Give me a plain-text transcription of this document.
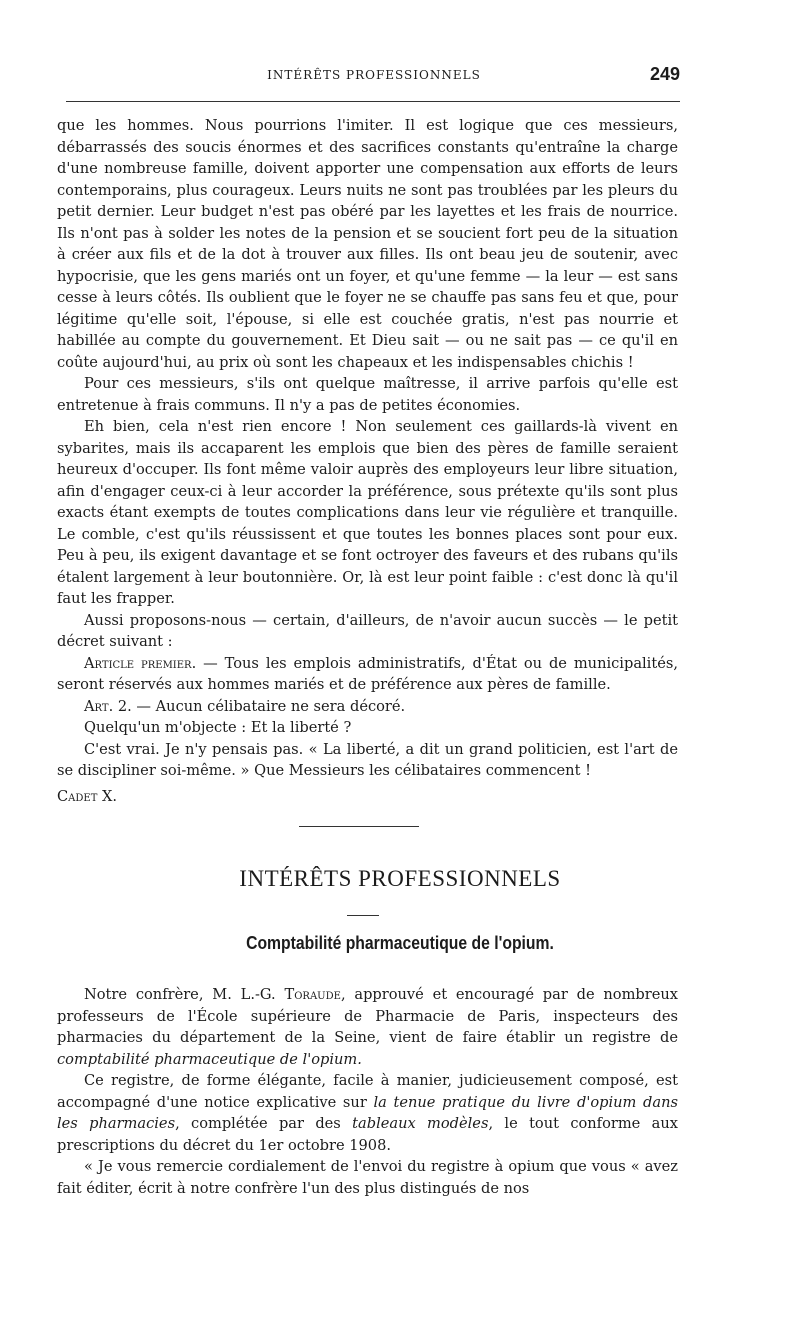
INTÉRÊTS PROFESSIONNELS	249

que les hommes. Nous pourrions l'imiter. Il est logique que ces messieurs, débarrassés des soucis énormes et des sacrifices constants qu'entraîne la charge d'une nombreuse famille, doivent apporter une compensation aux efforts de leurs contemporains, plus courageux. Leurs nuits ne sont pas troublées par les pleurs du petit dernier. Leur budget n'est pas obéré par les layettes et les frais de nourrice. Ils n'ont pas à solder les notes de la pension et se soucient fort peu de la situation à créer aux fils et de la dot à trouver aux filles. Ils ont beau jeu de soutenir, avec hypocrisie, que les gens mariés ont un foyer, et qu'une femme — la leur — est sans cesse à leurs côtés. Ils oublient que le foyer ne se chauffe pas sans feu et que, pour légitime qu'elle soit, l'épouse, si elle est couchée gratis, n'est pas nourrie et habillée au compte du gouvernement. Et Dieu sait — ou ne sait pas — ce qu'il en coûte aujourd'hui, au prix où sont les chapeaux et les indispensables chichis !

Pour ces messieurs, s'ils ont quelque maîtresse, il arrive parfois qu'elle est entretenue à frais communs. Il n'y a pas de petites économies.

Eh bien, cela n'est rien encore ! Non seulement ces gaillards-là vivent en sybarites, mais ils accaparent les emplois que bien des pères de famille seraient heureux d'occuper. Ils font même valoir auprès des employeurs leur libre situation, afin d'engager ceux-ci à leur accorder la préférence, sous prétexte qu'ils sont plus exacts étant exempts de toutes complications dans leur vie régulière et tranquille. Le comble, c'est qu'ils réussissent et que toutes les bonnes places sont pour eux. Peu à peu, ils exigent davantage et se font octroyer des faveurs et des rubans qu'ils étalent largement à leur boutonnière. Or, là est leur point faible : c'est donc là qu'il faut les frapper.

Aussi proposons-nous — certain, d'ailleurs, de n'avoir aucun succès — le petit décret suivant :

Article premier. — Tous les emplois administratifs, d'État ou de municipalités, seront réservés aux hommes mariés et de préférence aux pères de famille.

Art. 2. — Aucun célibataire ne sera décoré.

Quelqu'un m'objecte : Et la liberté ?

C'est vrai. Je n'y pensais pas. « La liberté, a dit un grand politicien, est l'art de se discipliner soi-même. » Que Messieurs les célibataires commencent !

Cadet X.

INTÉRÊTS PROFESSIONNELS
Comptabilité pharmaceutique de l'opium.

Notre confrère, M. L.-G. Toraude, approuvé et encouragé par de nombreux professeurs de l'École supérieure de Pharmacie de Paris, inspecteurs des pharmacies du département de la Seine, vient de faire établir un registre de comptabilité pharmaceutique de l'opium.

Ce registre, de forme élégante, facile à manier, judicieusement composé, est accompagné d'une notice explicative sur la tenue pratique du livre d'opium dans les pharmacies, complétée par des tableaux modèles, le tout conforme aux prescriptions du décret du 1er octobre 1908.

« Je vous remercie cordialement de l'envoi du registre à opium que vous « avez fait éditer, écrit à notre confrère l'un des plus distingués de nos
